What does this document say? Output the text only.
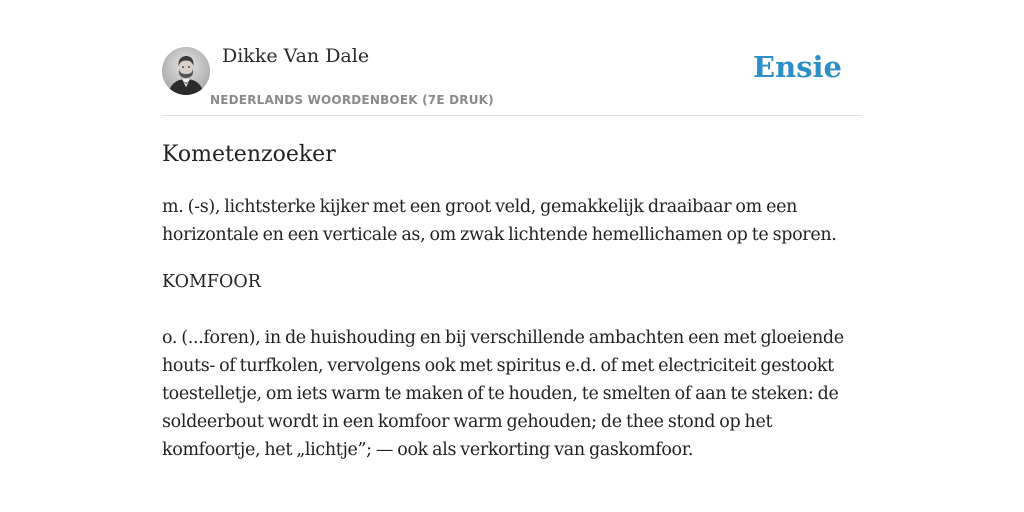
Dikke Van Dale
NEDERLANDS WOORDENBOEK (7E DRUK)
Ensie
Kometenzoeker

m. (-s), lichtsterke kijker met een groot veld, gemakkelijk draaibaar om een horizontale en een verticale as, om zwak lichtende hemellichamen op te sporen.

KOMFOOR

o. (...foren), in de huishouding en bij verschillende ambachten een met gloeiende houts- of turfkolen, vervolgens ook met spiritus e.d. of met electriciteit gestookt toestelletje, om iets warm te maken of te houden, te smelten of aan te steken: de soldeerbout wordt in een komfoor warm gehouden; de thee stond op het komfoortje, het „lichtje”; — ook als verkorting van gaskomfoor.
